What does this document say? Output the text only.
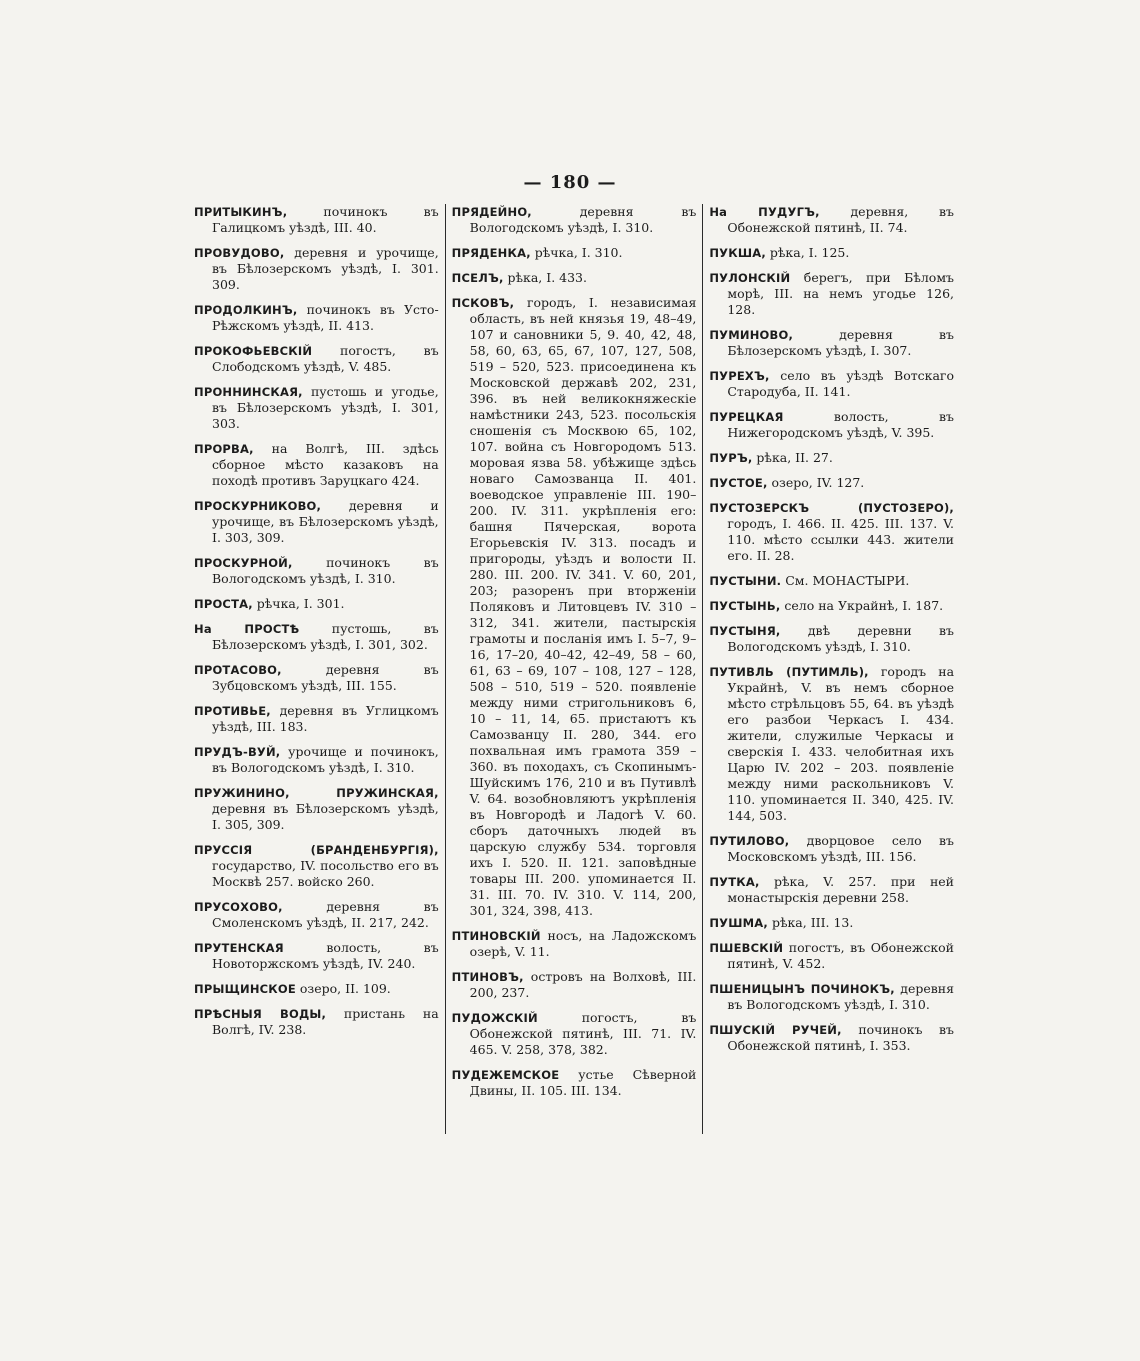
— 180 —

ПРИТЫКИНЪ, починокъ въ Галицкомъ уѣздѣ, III. 40.

ПРОВУДОВО, деревня и урочище, въ Бѣлозерскомъ уѣздѣ, I. 301. 309.

ПРОДОЛКИНЪ, починокъ въ Усто-Рѣжскомъ уѣздѣ, II. 413.

ПРОКОФЬЕВСКІЙ погостъ, въ Слободскомъ уѣздѣ, V. 485.

ПРОННИНСКАЯ, пустошь и угодье, въ Бѣлозерскомъ уѣздѣ, I. 301, 303.

ПРОРВА, на Волгѣ, III. здѣсь сборное мѣсто казаковъ на походѣ противъ Заруцкаго 424.

ПРОСКУРНИКОВО, деревня и урочище, въ Бѣлозерскомъ уѣздѣ, I. 303, 309.

ПРОСКУРНОЙ, починокъ въ Вологодскомъ уѣздѣ, I. 310.

ПРОСТА, рѣчка, I. 301.

На ПРОСТѢ пустошь, въ Бѣлозерскомъ уѣздѣ, I. 301, 302.

ПРОТАСОВО, деревня въ Зубцовскомъ уѣздѣ, III. 155.

ПРОТИВЬЕ, деревня въ Углицкомъ уѣздѣ, III. 183.

ПРУДЪ-ВУЙ, урочище и починокъ, въ Вологодскомъ уѣздѣ, I. 310.

ПРУЖИНИНО, ПРУЖИНСКАЯ, деревня въ Бѣлозерскомъ уѣздѣ, I. 305, 309.

ПРУССІЯ (БРАНДЕНБУРГІЯ), государство, IV. посольство его въ Москвѣ 257. войско 260.

ПРУСОХОВО, деревня въ Смоленскомъ уѣздѣ, II. 217, 242.

ПРУТЕНСКАЯ волость, въ Новоторжскомъ уѣздѣ, IV. 240.

ПРЫЩИНСКОЕ озеро, II. 109.

ПРѢСНЫЯ ВОДЫ, пристань на Волгѣ, IV. 238.

ПРЯДЕЙНО, деревня въ Вологодскомъ уѣздѣ, I. 310.

ПРЯДЕНКА, рѣчка, I. 310.

ПСЕЛЪ, рѣка, I. 433.

ПСКОВЪ, городъ, I. независимая область, въ ней князья 19, 48–49, 107 и сановники 5, 9. 40, 42, 48, 58, 60, 63, 65, 67, 107, 127, 508, 519 – 520, 523. присоединена къ Московской державѣ 202, 231, 396. въ ней великокняжескіе намѣстники 243, 523. посольскія сношенія съ Москвою 65, 102, 107. война съ Новгородомъ 513. моровая язва 58. убѣжище здѣсь новаго Самозванца II. 401. воеводское управленіе III. 190–200. IV. 311. укрѣпленія его: башня Пячерская, ворота Егорьевскія IV. 313. посадъ и пригороды, уѣздъ и волости II. 280. III. 200. IV. 341. V. 60, 201, 203; разоренъ при вторженіи Поляковъ и Литовцевъ IV. 310 – 312, 341. жители, пастырскія грамоты и посланія имъ I. 5–7, 9–16, 17–20, 40–42, 42–49, 58 – 60, 61, 63 – 69, 107 – 108, 127 – 128, 508 – 510, 519 – 520. появленіе между ними стригольниковъ 6, 10 – 11, 14, 65. пристаютъ къ Самозванцу II. 280, 344. его похвальная имъ грамота 359 – 360. въ походахъ, съ Скопинымъ-Шуйскимъ 176, 210 и въ Путивлѣ V. 64. возобновляютъ укрѣпленія въ Новгородѣ и Ладогѣ V. 60. сборъ даточныхъ людей въ царскую службу 534. торговля ихъ I. 520. II. 121. заповѣдные товары III. 200. упоминается II. 31. III. 70. IV. 310. V. 114, 200, 301, 324, 398, 413.

ПТИНОВСКІЙ носъ, на Ладожскомъ озерѣ, V. 11.

ПТИНОВЪ, островъ на Волховѣ, III. 200, 237.

ПУДОЖСКІЙ погостъ, въ Обонежской пятинѣ, III. 71. IV. 465. V. 258, 378, 382.

ПУДЕЖЕМСКОЕ устье Сѣверной Двины, II. 105. III. 134.

На ПУДУГЪ, деревня, въ Обонежской пятинѣ, II. 74.

ПУКША, рѣка, I. 125.

ПУЛОНСКІЙ берегъ, при Бѣломъ морѣ, III. на немъ угодье 126, 128.

ПУМИНОВО, деревня въ Бѣлозерскомъ уѣздѣ, I. 307.

ПУРЕХЪ, село въ уѣздѣ Вотскаго Стародуба, II. 141.

ПУРЕЦКАЯ волость, въ Нижегородскомъ уѣздѣ, V. 395.

ПУРЪ, рѣка, II. 27.

ПУСТОЕ, озеро, IV. 127.

ПУСТОЗЕРСКЪ (ПУСТОЗЕРО), городъ, I. 466. II. 425. III. 137. V. 110. мѣсто ссылки 443. жители его. II. 28.

ПУСТЫНИ. См. МОНАСТЫРИ.

ПУСТЫНЬ, село на Украйнѣ, I. 187.

ПУСТЫНЯ, двѣ деревни въ Вологодскомъ уѣздѣ, I. 310.

ПУТИВЛЬ (ПУТИМЛЬ), городъ на Украйнѣ, V. въ немъ сборное мѣсто стрѣльцовъ 55, 64. въ уѣздѣ его разбои Черкасъ I. 434. жители, служилые Черкасы и сверскія I. 433. челобитная ихъ Царю IV. 202 – 203. появленіе между ними раскольниковъ V. 110. упоминается II. 340, 425. IV. 144, 503.

ПУТИЛОВО, дворцовое село въ Московскомъ уѣздѣ, III. 156.

ПУТКА, рѣка, V. 257. при ней монастырскія деревни 258.

ПУШМА, рѣка, III. 13.

ПШЕВСКІЙ погостъ, въ Обонежской пятинѣ, V. 452.

ПШЕНИЦЫНЪ ПОЧИНОКЪ, деревня въ Вологодскомъ уѣздѣ, I. 310.

ПШУСКІЙ РУЧЕЙ, починокъ въ Обонежской пятинѣ, I. 353.
